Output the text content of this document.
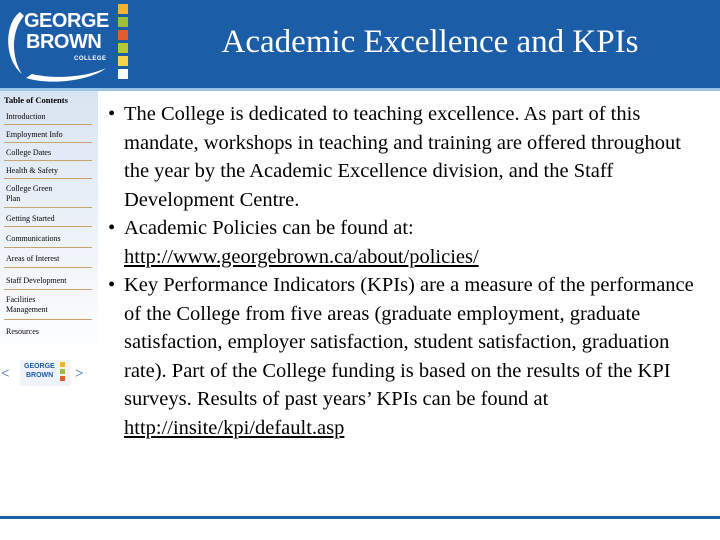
GEORGE
BROWN
COLLEGE	Academic Excellence and KPIs
Table of Contents
Introduction
Employment Info
College Dates
Health & Safety
College Green Plan
Getting Started
Communications
Areas of Interest
Staff Development
Facilities Management
Resources
< GEORGE
BROWN >
• The College is dedicated to teaching excellence. As part of this mandate, workshops in teaching and training are offered throughout the year by the Academic Excellence division, and the Staff Development Centre.
• Academic Policies can be found at:
http://www.georgebrown.ca/about/policies/
• Key Performance Indicators (KPIs) are a measure of the performance of the College from five areas (graduate employment, graduate satisfaction, employer satisfaction, student satisfaction, graduation rate). Part of the College funding is based on the results of the KPI surveys. Results of past years’ KPIs can be found at
http://insite/kpi/default.asp
